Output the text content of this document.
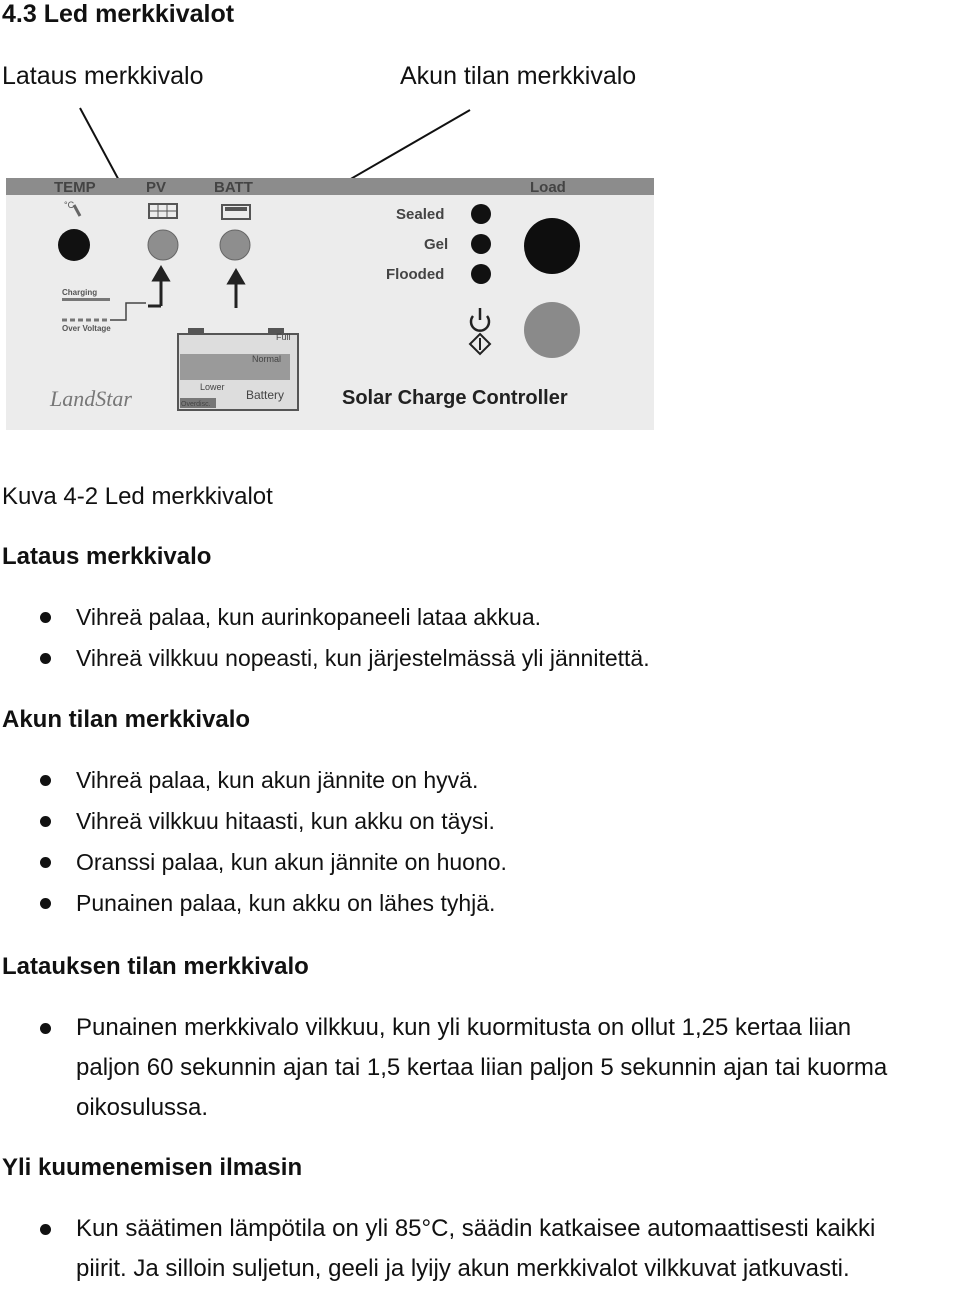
4.3 Led merkkivalot
Lataus merkkivalo	Akun tilan merkkivalo
TEMP	PV	BATT	Load
°C
Charging
Over Voltage
Normal
Full
Lower
Overdisc.
Battery
LandStar
Sealed
Gel
Flooded
Solar Charge Controller
Kuva 4-2 Led merkkivalot
Lataus merkkivalo
Vihreä palaa, kun aurinkopaneeli lataa akkua.
Vihreä vilkkuu nopeasti, kun järjestelmässä yli jännitettä.
Akun tilan merkkivalo
Vihreä palaa, kun akun jännite on hyvä.
Vihreä vilkkuu hitaasti, kun akku on täysi.
Oranssi palaa, kun akun jännite on huono.
Punainen palaa, kun akku on lähes tyhjä.
Latauksen tilan merkkivalo
Punainen merkkivalo vilkkuu, kun yli kuormitusta on ollut 1,25 kertaa liian
paljon 60 sekunnin ajan tai 1,5 kertaa liian paljon 5 sekunnin ajan tai kuorma
oikosulussa.
Yli kuumenemisen ilmasin
Kun säätimen lämpötila on yli 85°C, säädin katkaisee automaattisesti kaikki
piirit. Ja silloin suljetun, geeli ja lyijy akun merkkivalot vilkkuvat jatkuvasti.
